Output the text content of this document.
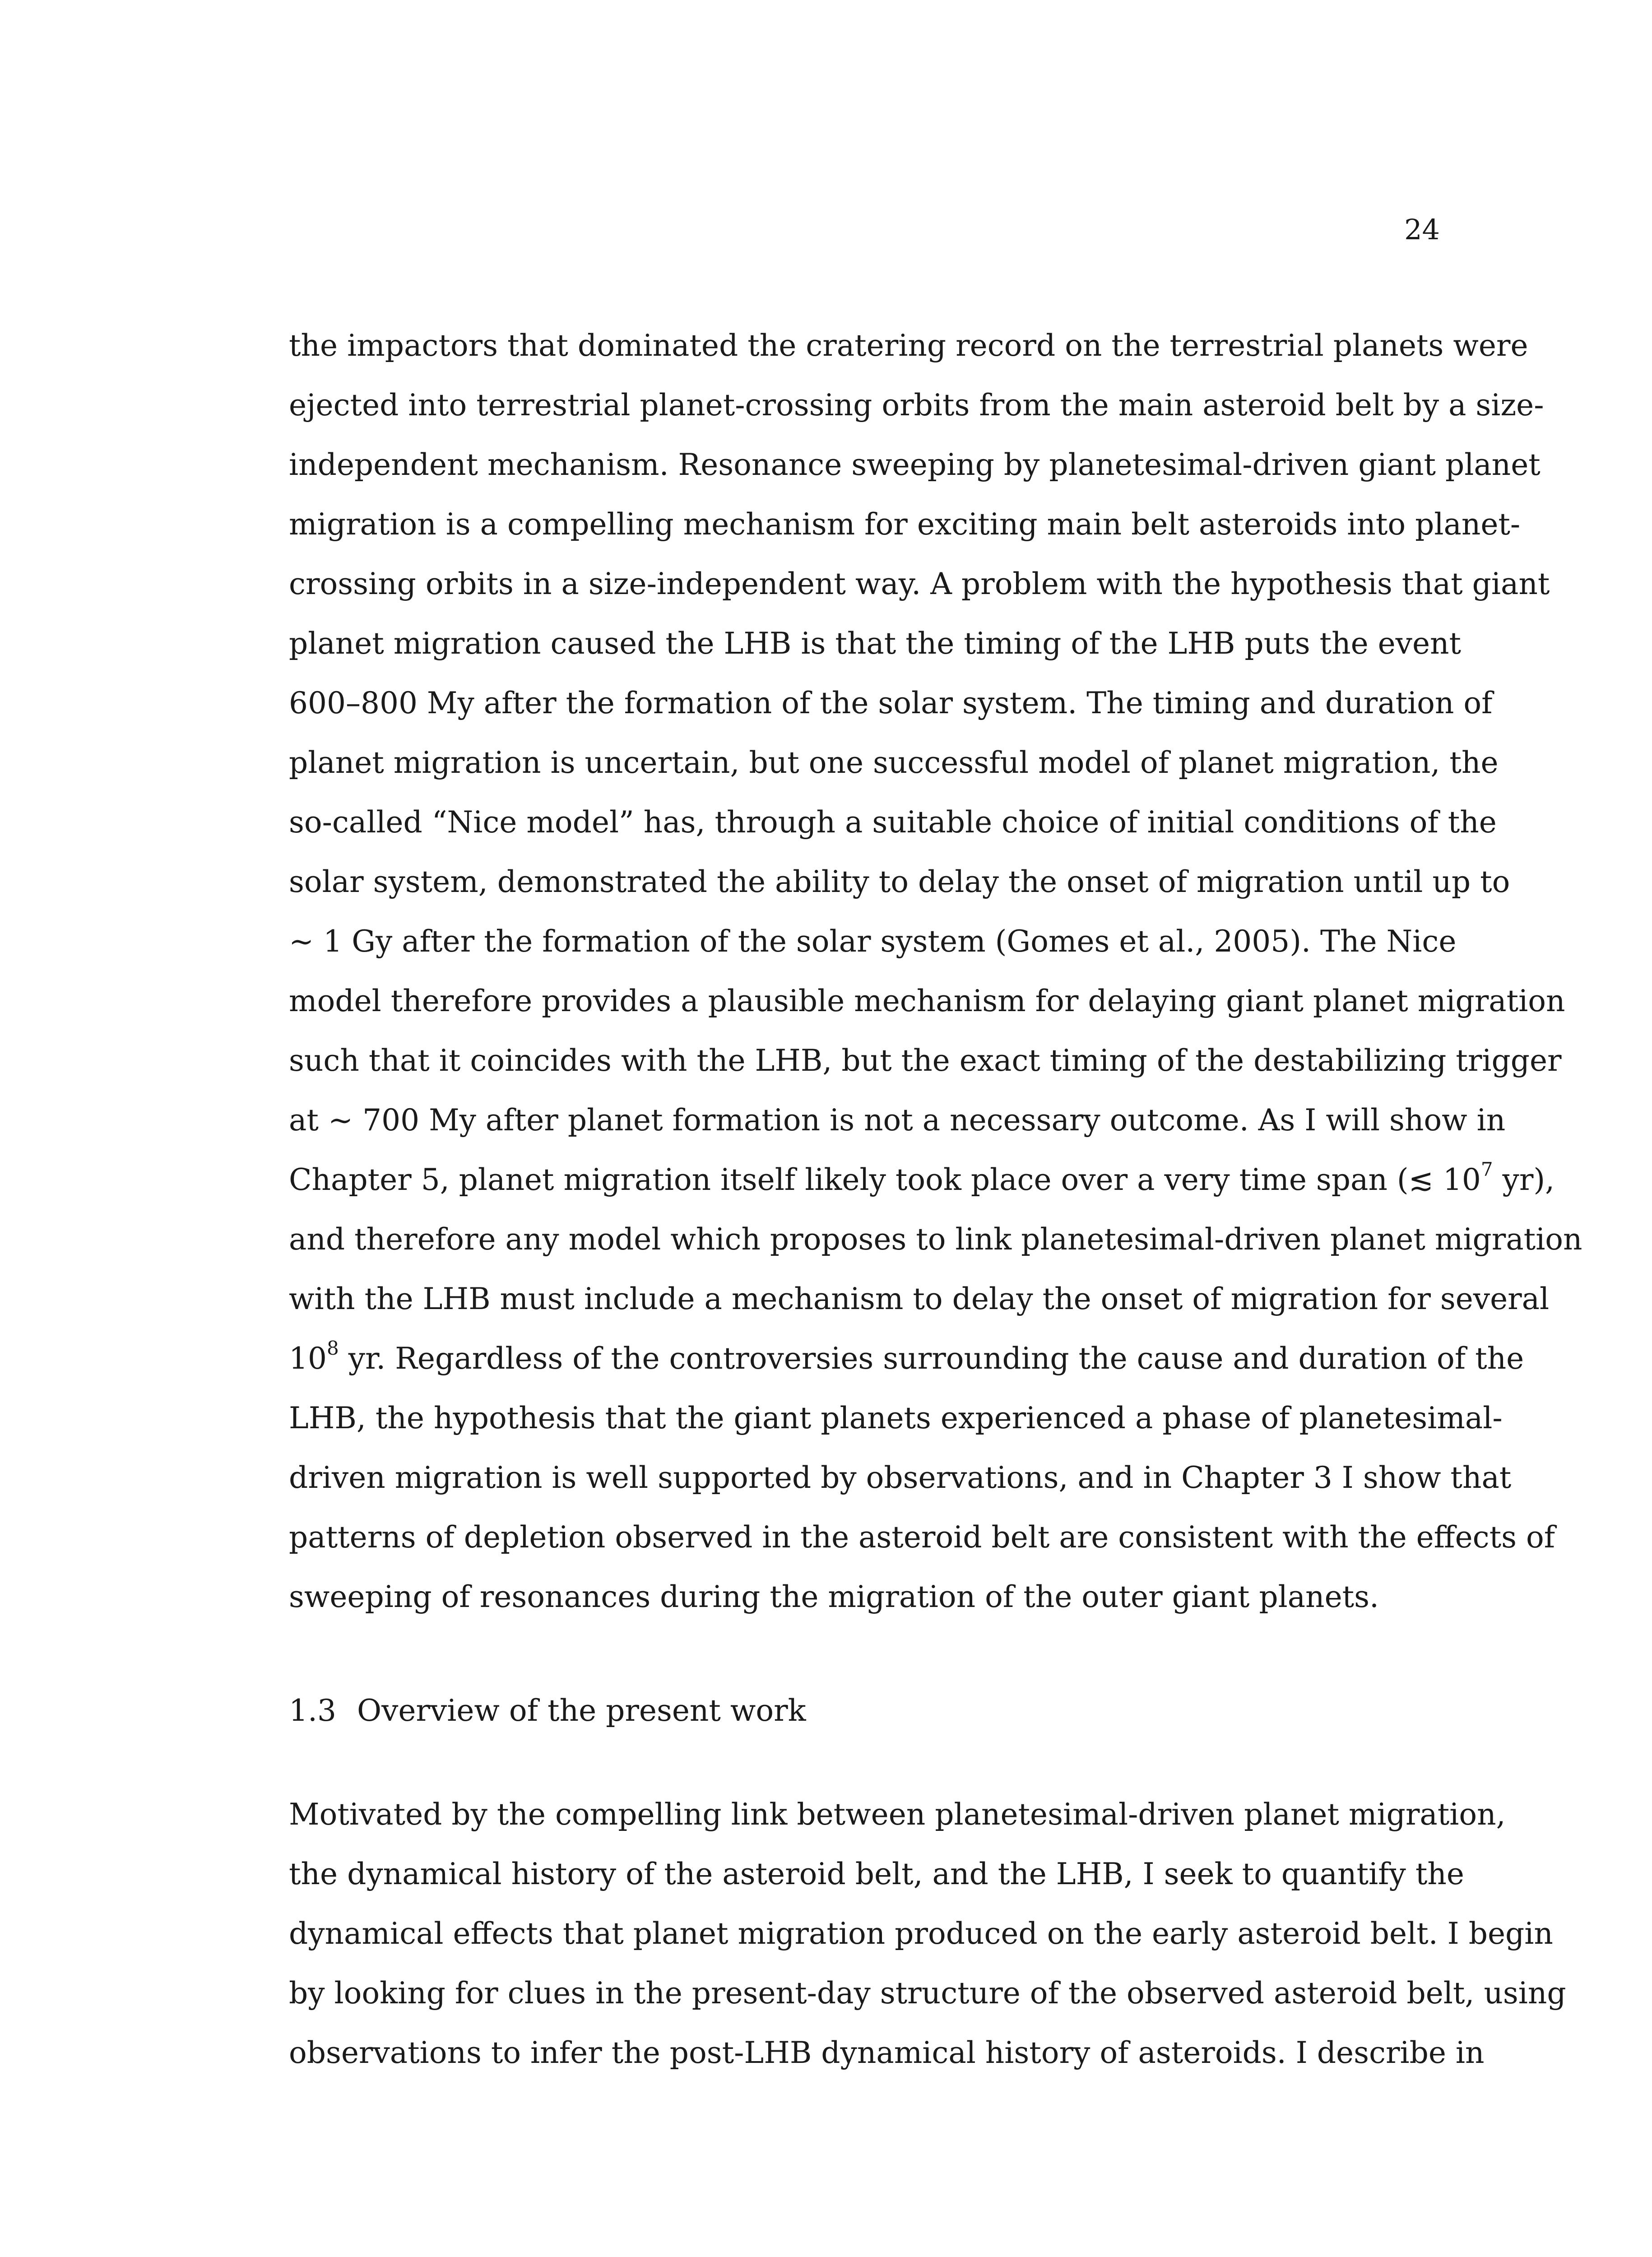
24
the impactors that dominated the cratering record on the terrestrial planets were
ejected into terrestrial planet-crossing orbits from the main asteroid belt by a size-
independent mechanism. Resonance sweeping by planetesimal-driven giant planet
migration is a compelling mechanism for exciting main belt asteroids into planet-
crossing orbits in a size-independent way. A problem with the hypothesis that giant
planet migration caused the LHB is that the timing of the LHB puts the event
600–800 My after the formation of the solar system. The timing and duration of
planet migration is uncertain, but one successful model of planet migration, the
so-called “Nice model” has, through a suitable choice of initial conditions of the
solar system, demonstrated the ability to delay the onset of migration until up to
∼ 1 Gy after the formation of the solar system (Gomes et al., 2005). The Nice
model therefore provides a plausible mechanism for delaying giant planet migration
such that it coincides with the LHB, but the exact timing of the destabilizing trigger
at ∼ 700 My after planet formation is not a necessary outcome. As I will show in
Chapter 5, planet migration itself likely took place over a very time span (≲ $10^7$ yr),
and therefore any model which proposes to link planetesimal-driven planet migration
with the LHB must include a mechanism to delay the onset of migration for several
$10^8$ yr. Regardless of the controversies surrounding the cause and duration of the
LHB, the hypothesis that the giant planets experienced a phase of planetesimal-
driven migration is well supported by observations, and in Chapter 3 I show that
patterns of depletion observed in the asteroid belt are consistent with the effects of
sweeping of resonances during the migration of the outer giant planets.
1.3 Overview of the present work
Motivated by the compelling link between planetesimal-driven planet migration,
the dynamical history of the asteroid belt, and the LHB, I seek to quantify the
dynamical effects that planet migration produced on the early asteroid belt. I begin
by looking for clues in the present-day structure of the observed asteroid belt, using
observations to infer the post-LHB dynamical history of asteroids. I describe in
